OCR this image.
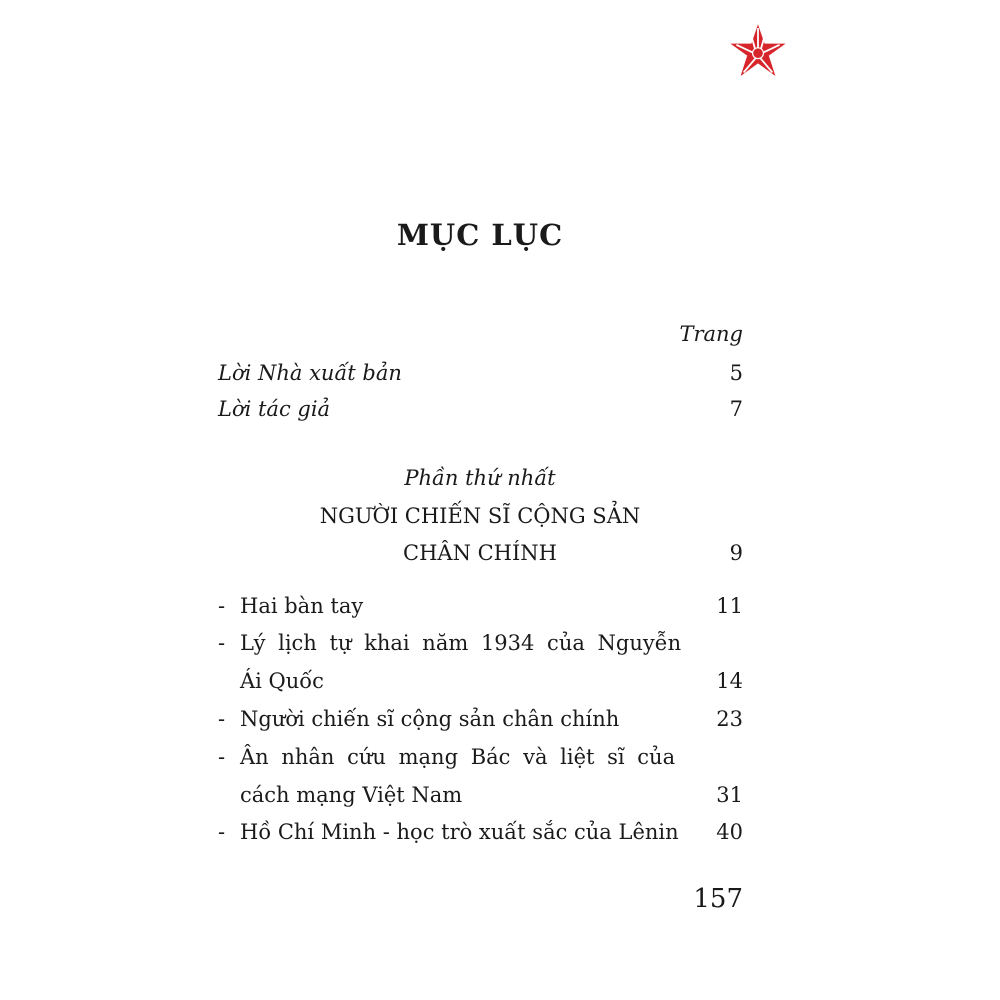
MỤC LỤC
Trang
Lời Nhà xuất bản	5
Lời tác giả	7
Phần thứ nhất
NGƯỜI CHIẾN SĨ CỘNG SẢN
CHÂN CHÍNH	9
- Hai bàn tay	11
- Lý lịch tự khai năm 1934 của Nguyễn
Ái Quốc	14
- Người chiến sĩ cộng sản chân chính	23
- Ân nhân cứu mạng Bác và liệt sĩ của
cách mạng Việt Nam	31
- Hồ Chí Minh - học trò xuất sắc của Lênin 40
157
